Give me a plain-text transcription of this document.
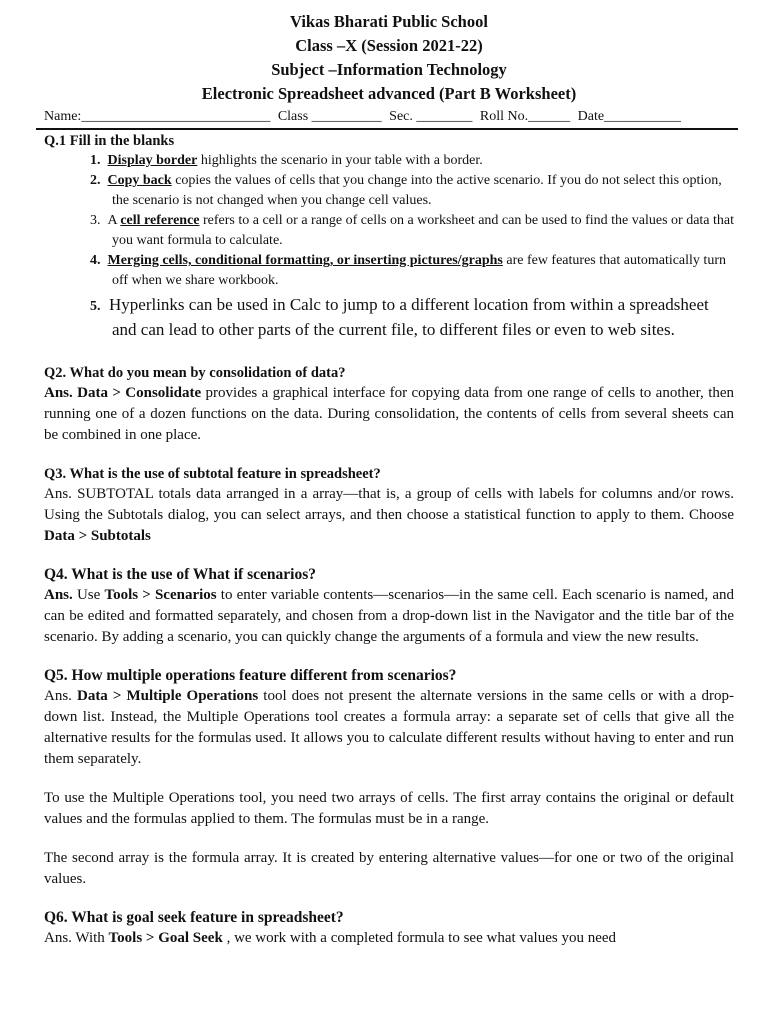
Vikas Bharati Public School
Class –X (Session 2021-22)
Subject –Information Technology
Electronic Spreadsheet advanced (Part B Worksheet)
Name:___________________________ Class __________ Sec. ________ Roll No.______ Date___________
Q.1 Fill in the blanks
1. Display border highlights the scenario in your table with a border.
2. Copy back copies the values of cells that you change into the active scenario. If you do not select this option, the scenario is not changed when you change cell values.
3. A cell reference refers to a cell or a range of cells on a worksheet and can be used to find the values or data that you want formula to calculate.
4. Merging cells, conditional formatting, or inserting pictures/graphs are few features that automatically turn off when we share workbook.
5. Hyperlinks can be used in Calc to jump to a different location from within a spreadsheet and can lead to other parts of the current file, to different files or even to web sites.
Q2. What do you mean by consolidation of data?
Ans. Data > Consolidate provides a graphical interface for copying data from one range of cells to another, then running one of a dozen functions on the data. During consolidation, the contents of cells from several sheets can be combined in one place.
Q3. What is the use of subtotal feature in spreadsheet?
Ans. SUBTOTAL totals data arranged in a array—that is, a group of cells with labels for columns and/or rows. Using the Subtotals dialog, you can select arrays, and then choose a statistical function to apply to them. Choose Data > Subtotals
Q4. What is the use of What if scenarios?
Ans. Use Tools > Scenarios to enter variable contents—scenarios—in the same cell. Each scenario is named, and can be edited and formatted separately, and chosen from a drop-down list in the Navigator and the title bar of the scenario. By adding a scenario, you can quickly change the arguments of a formula and view the new results.
Q5. How multiple operations feature different from scenarios?
Ans. Data > Multiple Operations tool does not present the alternate versions in the same cells or with a drop-down list. Instead, the Multiple Operations tool creates a formula array: a separate set of cells that give all the alternative results for the formulas used. It allows you to calculate different results without having to enter and run them separately.
To use the Multiple Operations tool, you need two arrays of cells. The first array contains the original or default values and the formulas applied to them. The formulas must be in a range.
The second array is the formula array. It is created by entering alternative values—for one or two of the original values.
Q6. What is goal seek feature in spreadsheet?
Ans. With Tools > Goal Seek , we work with a completed formula to see what values you need
